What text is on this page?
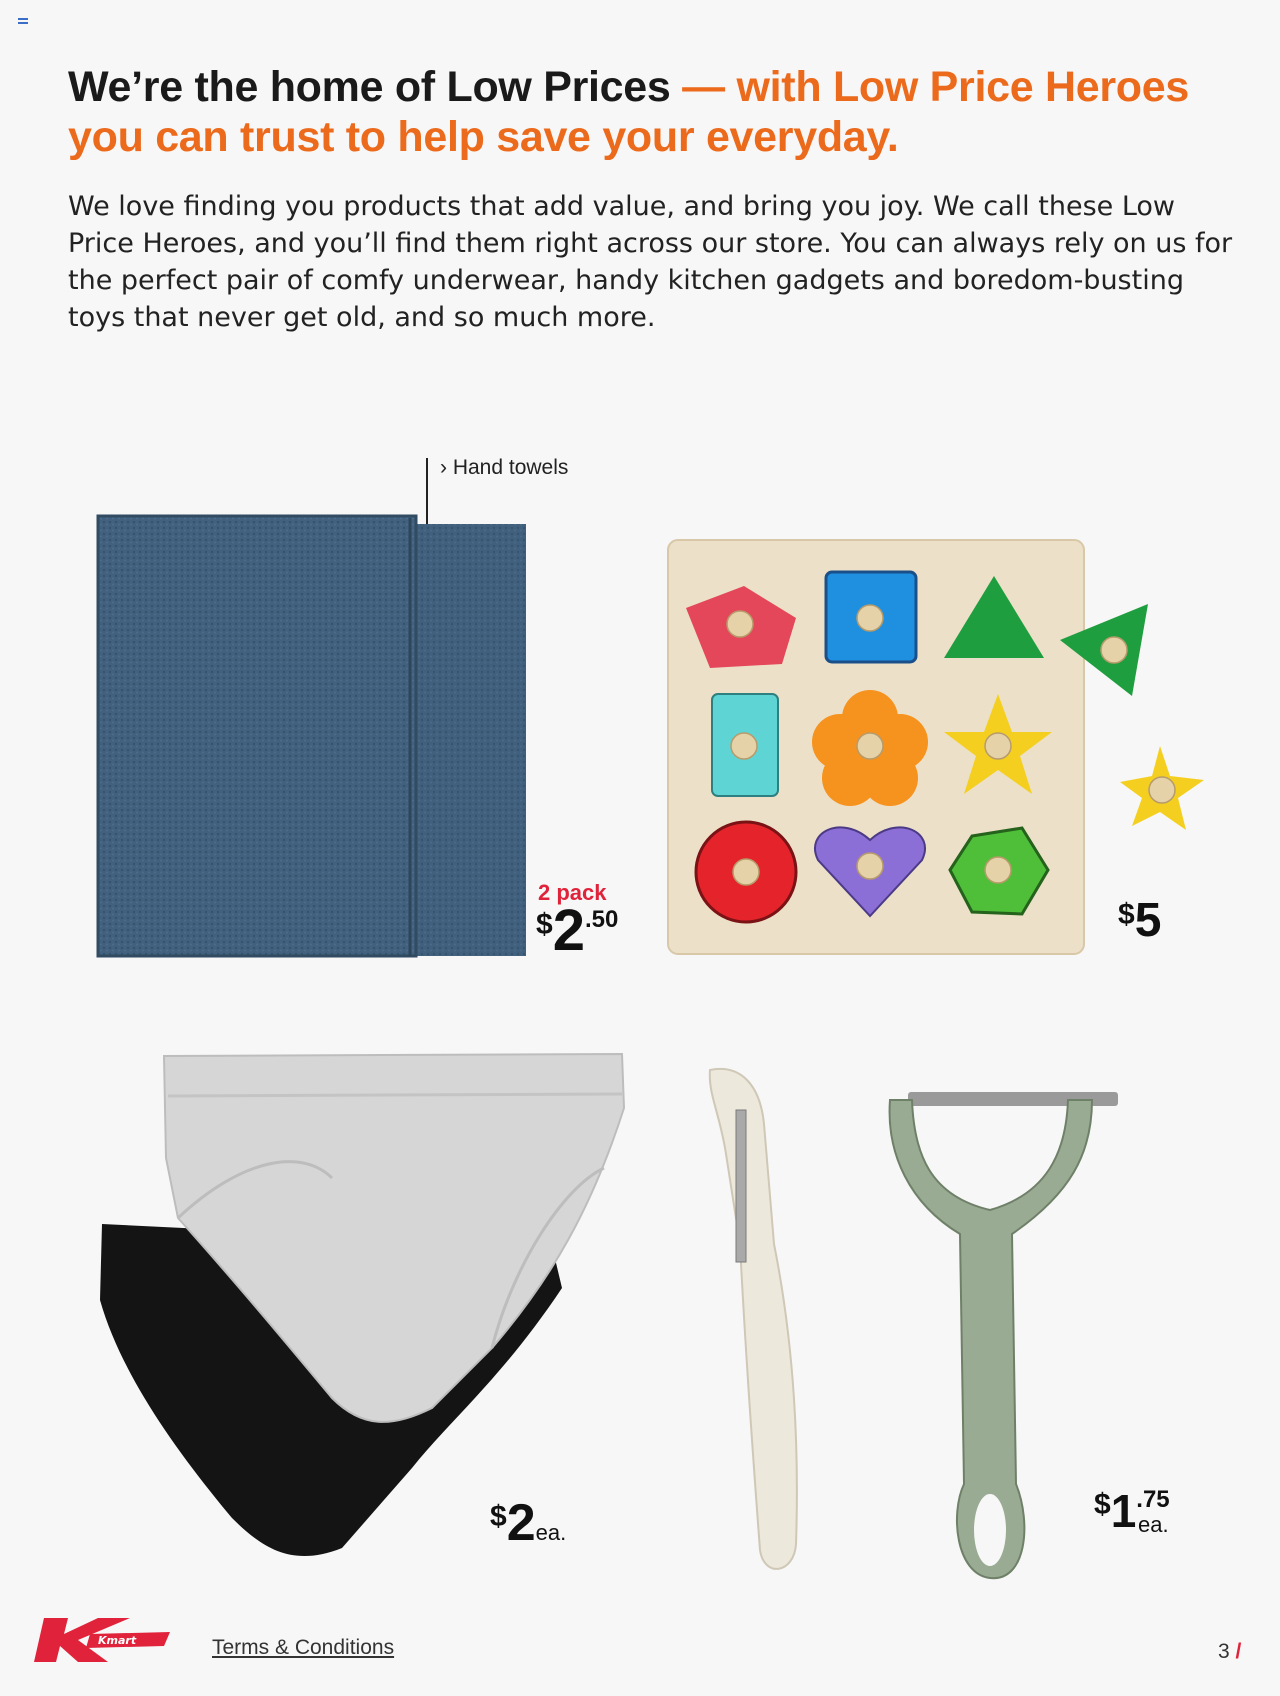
We’re the home of Low Prices — with Low Price Heroes you can trust to help save your everyday.
We love finding you products that add value, and bring you joy. We call these Low Price Heroes, and you’ll find them right across our store. You can always rely on us for the perfect pair of comfy underwear, handy kitchen gadgets and boredom-busting toys that never get old, and so much more.
› Hand towels
2 pack
$2.50	$5
$2ea.
$1.75
ea.
Kmart	Terms & Conditions	3 /
